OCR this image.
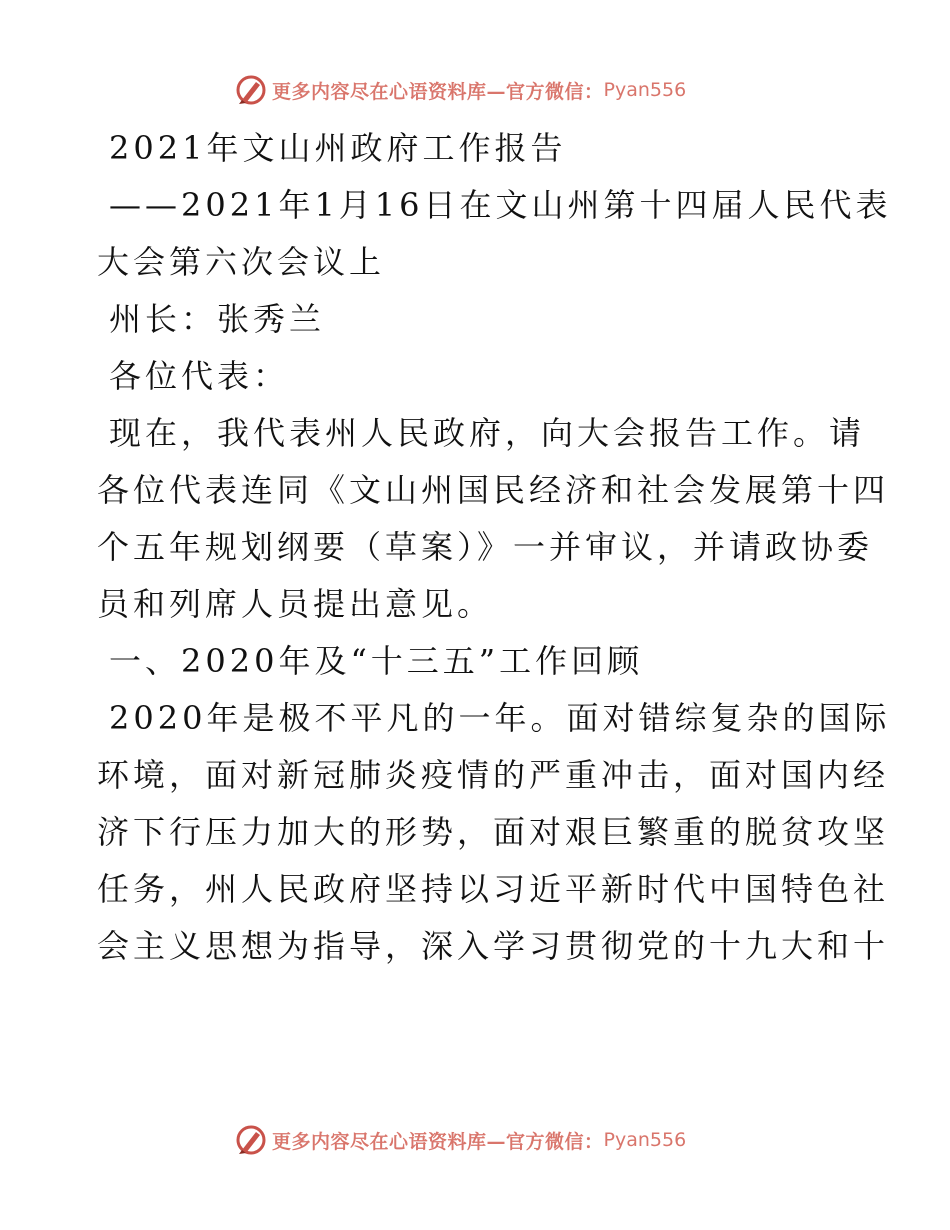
更多内容尽在心语资料库—官方微信： Pyan556
2021年文山州政府工作报告
——2021年1月16日在文山州第十四届人民代表
大会第六次会议上
州长：张秀兰
各位代表：
现在，我代表州人民政府，向大会报告工作。请
各位代表连同《文山州国民经济和社会发展第十四
个五年规划纲要（草案）》一并审议，并请政协委
员和列席人员提出意见。
一、2020年及“十三五”工作回顾
2020年是极不平凡的一年。面对错综复杂的国际
环境，面对新冠肺炎疫情的严重冲击，面对国内经
济下行压力加大的形势，面对艰巨繁重的脱贫攻坚
任务，州人民政府坚持以习近平新时代中国特色社
会主义思想为指导，深入学习贯彻党的十九大和十
更多内容尽在心语资料库—官方微信： Pyan556
